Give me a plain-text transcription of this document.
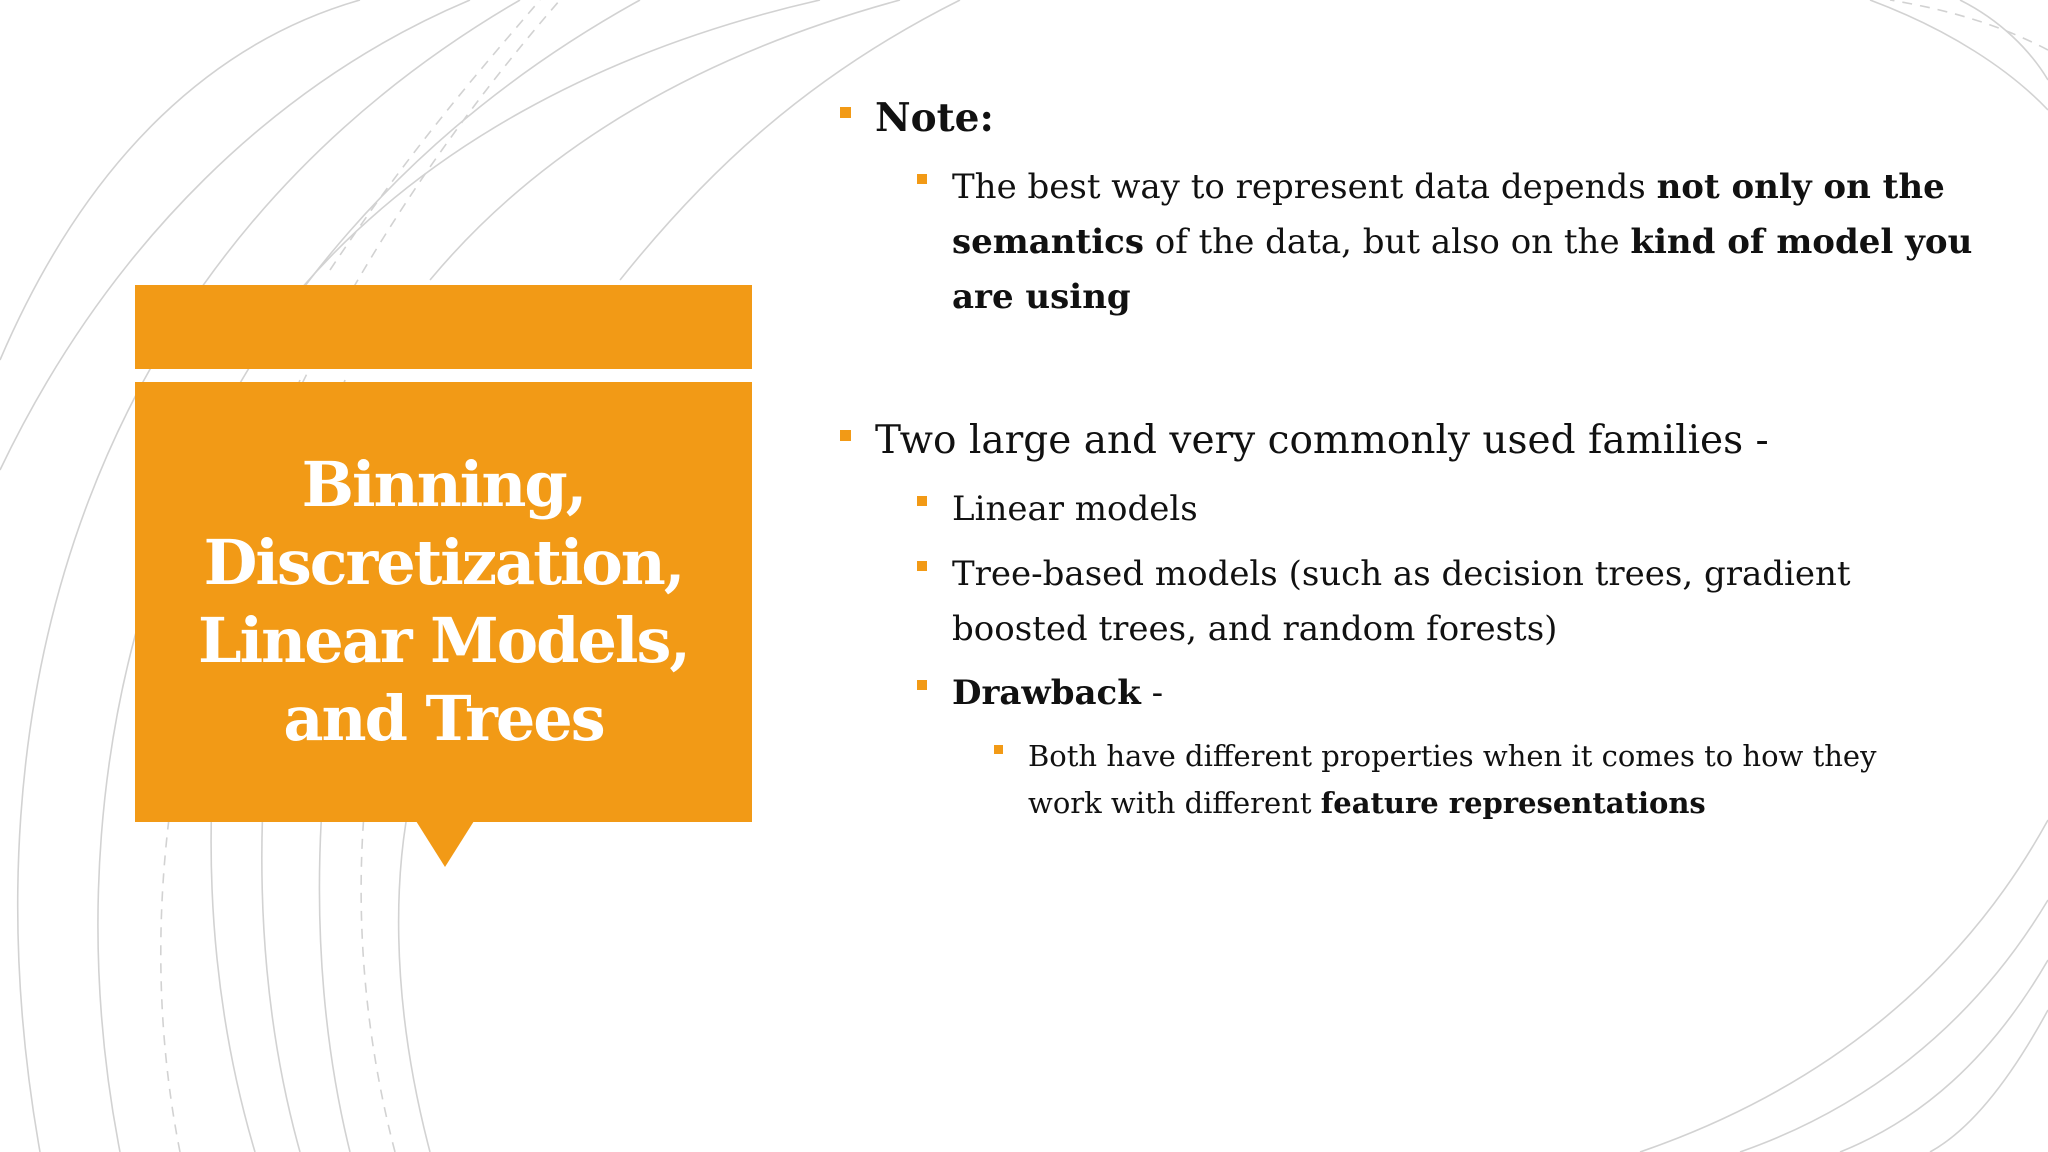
Binning,
Discretization,
Linear Models,
and Trees

Note:

The best way to represent data depends not only on the
semantics of the data, but also on the kind of model you
are using

Two large and very commonly used families -

Linear models

Tree-based models (such as decision trees, gradient
boosted trees, and random forests)

Drawback -

Both have different properties when it comes to how they
work with different feature representations
